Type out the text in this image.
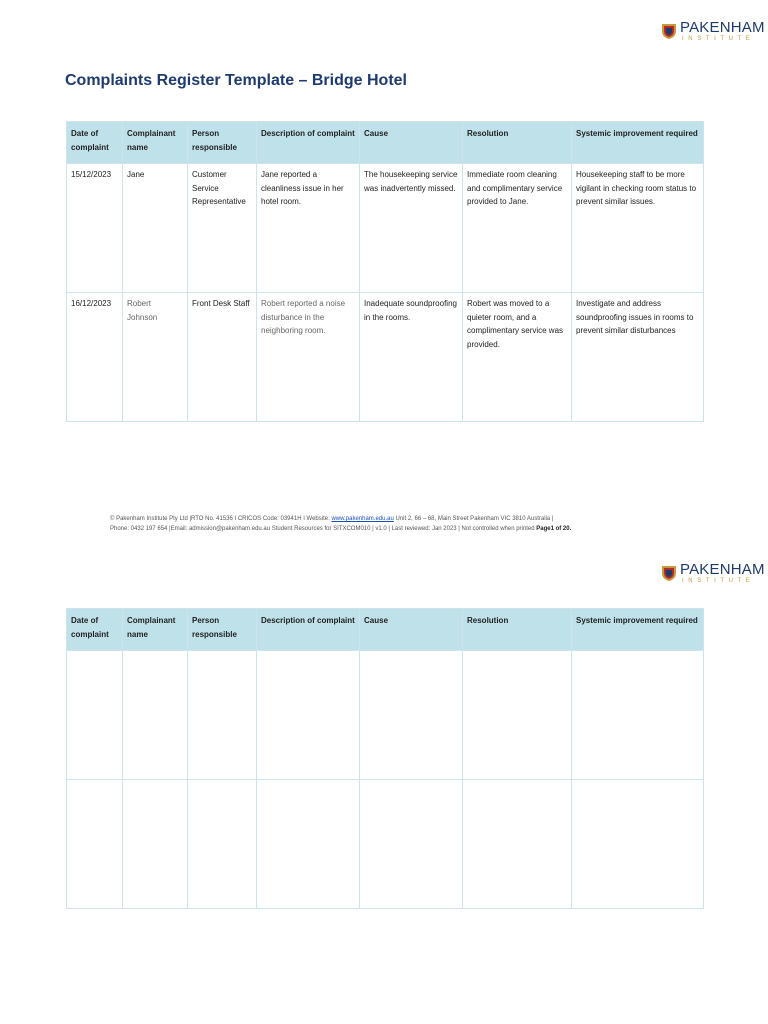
PAKENHAM
INSTITUTE
Complaints Register Template – Bridge Hotel
Date of complaint	Complainant name	Person responsible	Description of complaint	Cause	Resolution	Systemic improvement required
15/12/2023	Jane	Customer Service Representative	Jane reported a cleanliness issue in her hotel room.	The housekeeping service was inadvertently missed.	Immediate room cleaning and complimentary service provided to Jane.	Housekeeping staff to be more vigilant in checking room status to prevent similar issues.
16/12/2023	Robert Johnson	Front Desk Staff	Robert reported a noise disturbance in the neighboring room.	Inadequate soundproofing in the rooms.	Robert was moved to a quieter room, and a complimentary service was provided.	Investigate and address soundproofing issues in rooms to prevent similar disturbances
© Pakenham Institute Pty Ltd |RTO No. 41536 I CRICOS Code: 03941H I Website: www.pakenham.edu.au Unit 2, 66 – 68, Main Street Pakenham VIC 3810 Australia |
Phone: 0432 197 654 |Email: admission@pakenham.edu.au Student Resources for SITXCOM010 | v1.0 | Last reviewed: Jan 2023 | Not controlled when printed Page1 of 20.
PAKENHAM
INSTITUTE
Date of complaint	Complainant name	Person responsible	Description of complaint	Cause	Resolution	Systemic improvement required
